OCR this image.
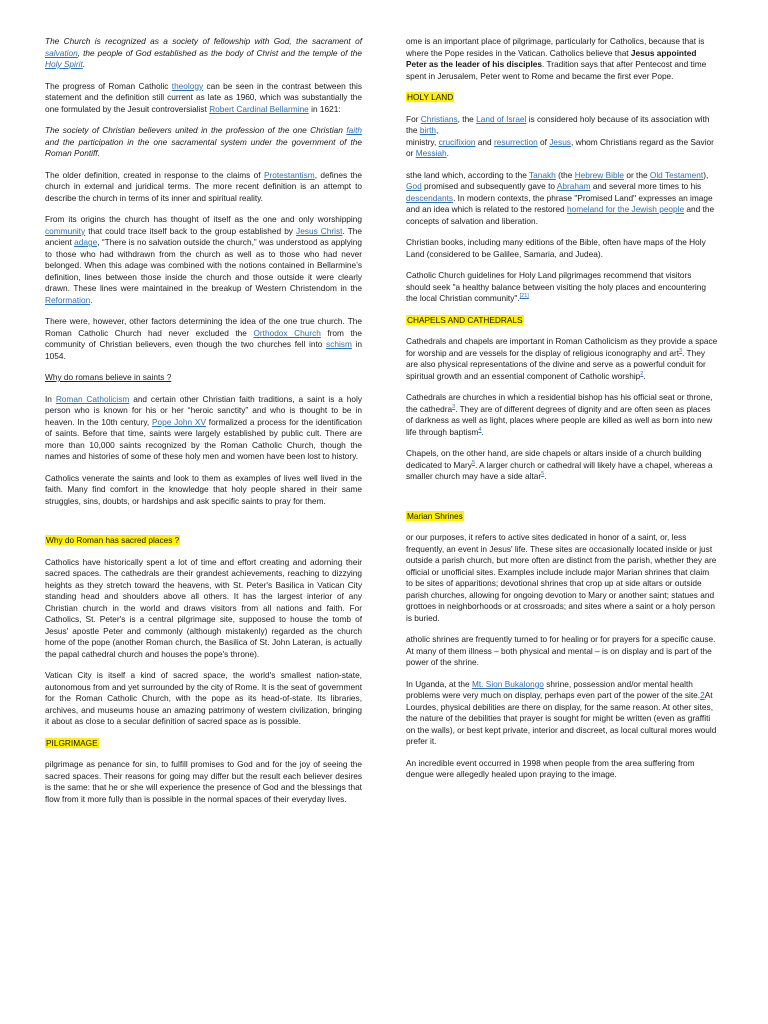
The Church is recognized as a society of fellowship with God, the sacrament of salvation, the people of God established as the body of Christ and the temple of the Holy Spirit.

The progress of Roman Catholic theology can be seen in the contrast between this statement and the definition still current as late as 1960, which was substantially the one formulated by the Jesuit controversialist Robert Cardinal Bellarmine in 1621:

The society of Christian believers united in the profession of the one Christian faith and the participation in the one sacramental system under the government of the Roman Pontiff.

The older definition, created in response to the claims of Protestantism, defines the church in external and juridical terms. The more recent definition is an attempt to describe the church in terms of its inner and spiritual reality.

From its origins the church has thought of itself as the one and only worshipping community that could trace itself back to the group established by Jesus Christ. The ancient adage, “There is no salvation outside the church,” was understood as applying to those who had withdrawn from the church as well as to those who had never belonged. When this adage was combined with the notions contained in Bellarmine’s definition, lines between those inside the church and those outside it were clearly drawn. These lines were maintained in the breakup of Western Christendom in the Reformation.

There were, however, other factors determining the idea of the one true church. The Roman Catholic Church had never excluded the Orthodox Church from the community of Christian believers, even though the two churches fell into schism in 1054.

Why do romans believe in saints ?

In Roman Catholicism and certain other Christian faith traditions, a saint is a holy person who is known for his or her “heroic sanctity” and who is thought to be in heaven. In the 10th century, Pope John XV formalized a process for the identification of saints. Before that time, saints were largely established by public cult. There are more than 10,000 saints recognized by the Roman Catholic Church, though the names and histories of some of these holy men and women have been lost to history.

Catholics venerate the saints and look to them as examples of lives well lived in the faith. Many find comfort in the knowledge that holy people shared in their same struggles, sins, doubts, or hardships and ask specific saints to pray for them.

Why do Roman has sacred places ?

Catholics have historically spent a lot of time and effort creating and adorning their sacred spaces. The cathedrals are their grandest achievements, reaching to dizzying heights as they stretch toward the heavens, with St. Peter's Basilica in Vatican City standing head and shoulders above all others. It has the largest interior of any Christian church in the world and draws visitors from all nations and faith. For Catholics, St. Peter's is a central pilgrimage site, supposed to house the tomb of Jesus' apostle Peter and commonly (although mistakenly) regarded as the church home of the pope (another Roman church, the Basilica of St. John Lateran, is actually the papal cathedral church and houses the pope's throne).

Vatican City is itself a kind of sacred space, the world's smallest nation-state, autonomous from and yet surrounded by the city of Rome. It is the seat of government for the Roman Catholic Church, with the pope as its head-of-state. Its libraries, archives, and museums house an amazing patrimony of western civilization, bringing it about as close to a secular definition of sacred space as is possible.

PILGRIMAGE

pilgrimage as penance for sin, to fulfill promises to God and for the joy of seeing the sacred spaces. Their reasons for going may differ but the result each believer desires is the same: that he or she will experience the presence of God and the blessings that flow from it more fully than is possible in the normal spaces of their everyday lives.

ome is an important place of pilgrimage, particularly for Catholics, because that is where the Pope resides in the Vatican. Catholics believe that Jesus appointed Peter as the leader of his disciples. Tradition says that after Pentecost and time spent in Jerusalem, Peter went to Rome and became the first ever Pope.

HOLY LAND

For Christians, the Land of Israel is considered holy because of its association with the birth,
ministry, crucifixion and resurrection of Jesus, whom Christians regard as the Savior or Messiah.

sthe land which, according to the Tanakh (the Hebrew Bible or the Old Testament), God promised and subsequently gave to Abraham and several more times to his descendants. In modern contexts, the phrase "Promised Land" expresses an image and an idea which is related to the restored homeland for the Jewish people and the concepts of salvation and liberation.

Christian books, including many editions of the Bible, often have maps of the Holy Land (considered to be Galilee, Samaria, and Judea).

Catholic Church guidelines for Holy Land pilgrimages recommend that visitors should seek "a healthy balance between visiting the holy places and encountering the local Christian community".[21]

CHAPELS AND CATHEDRALS

Cathedrals and chapels are important in Roman Catholicism as they provide a space for worship and are vessels for the display of religious iconography and art$^3$. They are also physical representations of the divine and serve as a powerful conduit for spiritual growth and an essential component of Catholic worship$^2$.

Cathedrals are churches in which a residential bishop has his official seat or throne, the cathedra$^3$. They are of different degrees of dignity and are often seen as places of darkness as well as light, places where people are killed as well as born into new life through baptism$^4$.

Chapels, on the other hand, are side chapels or altars inside of a church building dedicated to Mary$^5$. A larger church or cathedral will likely have a chapel, whereas a smaller church may have a side altar$^5$.

Marian Shrines

or our purposes, it refers to active sites dedicated in honor of a saint, or, less frequently, an event in Jesus' life. These sites are occasionally located inside or just outside a parish church, but more often are distinct from the parish, whether they are official or unofficial sites. Examples include include major Marian shrines that claim to be sites of apparitions; devotional shrines that crop up at side altars or outside parish churches, allowing for ongoing devotion to Mary or another saint; statues and grottoes in neighborhoods or at crossroads; and sites where a saint or a holy person is buried.

atholic shrines are frequently turned to for healing or for prayers for a specific cause. At many of them illness – both physical and mental – is on display and is part of the power of the shrine.

In Uganda, at the Mt. Sion Bukalongo shrine, possession and/or mental health problems were very much on display, perhaps even part of the power of the site.2At Lourdes, physical debilities are there on display, for the same reason. At other sites, the nature of the debilities that prayer is sought for might be written (even as graffiti on the walls), or best kept private, interior and discreet, as local cultural mores would prefer it.

An incredible event occurred in 1998 when people from the area suffering from dengue were allegedly healed upon praying to the image.
